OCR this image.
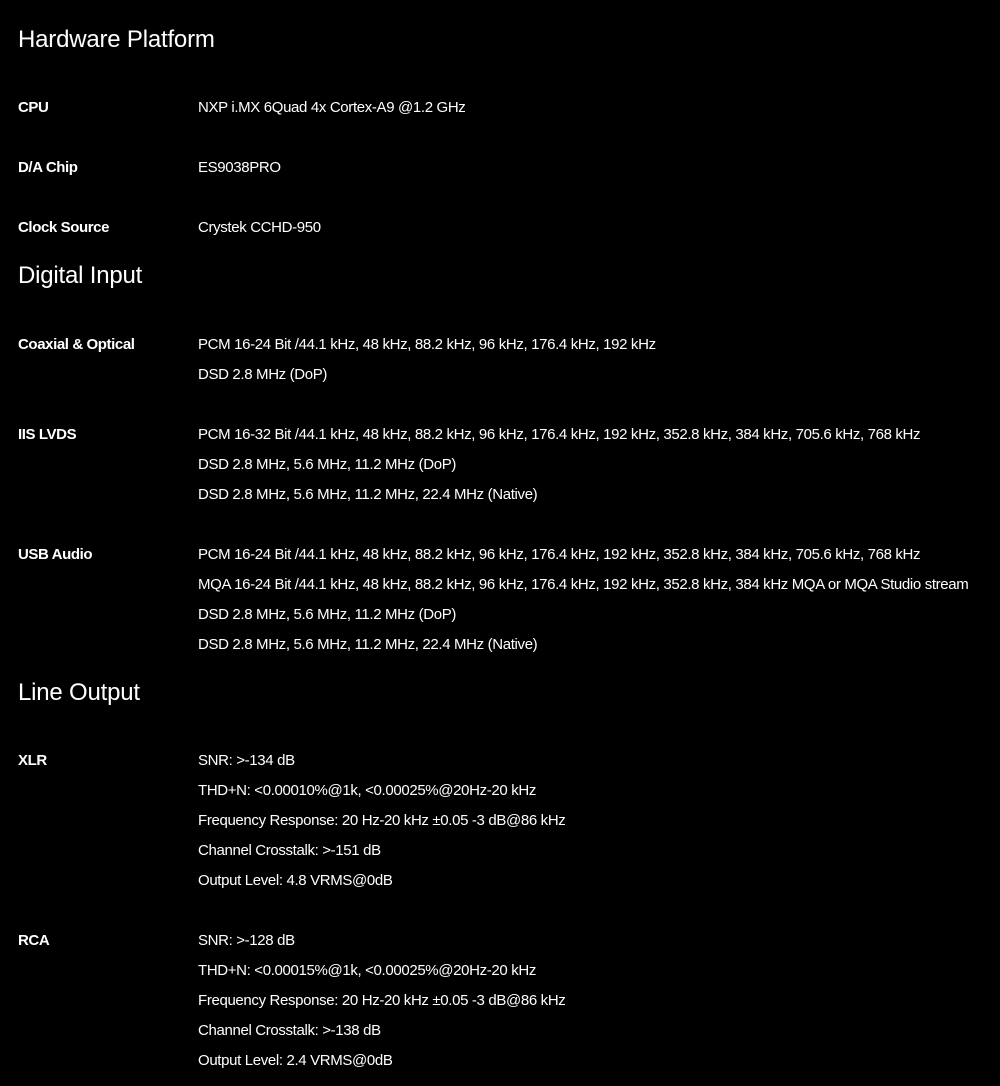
Hardware Platform
CPU	NXP i.MX 6Quad 4x Cortex-A9 @1.2 GHz
D/A Chip	ES9038PRO
Clock Source	Crystek CCHD-950
Digital Input
Coaxial & Optical	PCM 16-24 Bit /44.1 kHz, 48 kHz, 88.2 kHz, 96 kHz, 176.4 kHz, 192 kHz
DSD 2.8 MHz (DoP)
IIS LVDS	PCM 16-32 Bit /44.1 kHz, 48 kHz, 88.2 kHz, 96 kHz, 176.4 kHz, 192 kHz, 352.8 kHz, 384 kHz, 705.6 kHz, 768 kHz
DSD 2.8 MHz, 5.6 MHz, 11.2 MHz (DoP)
DSD 2.8 MHz, 5.6 MHz, 11.2 MHz, 22.4 MHz (Native)
USB Audio	PCM 16-24 Bit /44.1 kHz, 48 kHz, 88.2 kHz, 96 kHz, 176.4 kHz, 192 kHz, 352.8 kHz, 384 kHz, 705.6 kHz, 768 kHz
MQA 16-24 Bit /44.1 kHz, 48 kHz, 88.2 kHz, 96 kHz, 176.4 kHz, 192 kHz, 352.8 kHz, 384 kHz MQA or MQA Studio stream
DSD 2.8 MHz, 5.6 MHz, 11.2 MHz (DoP)
DSD 2.8 MHz, 5.6 MHz, 11.2 MHz, 22.4 MHz (Native)
Line Output
XLR	SNR: >-134 dB
THD+N: <0.00010%@1k, <0.00025%@20Hz-20 kHz
Frequency Response: 20 Hz-20 kHz ±0.05 -3 dB@86 kHz
Channel Crosstalk: >-151 dB
Output Level: 4.8 VRMS@0dB
RCA	SNR: >-128 dB
THD+N: <0.00015%@1k, <0.00025%@20Hz-20 kHz
Frequency Response: 20 Hz-20 kHz ±0.05 -3 dB@86 kHz
Channel Crosstalk: >-138 dB
Output Level: 2.4 VRMS@0dB
